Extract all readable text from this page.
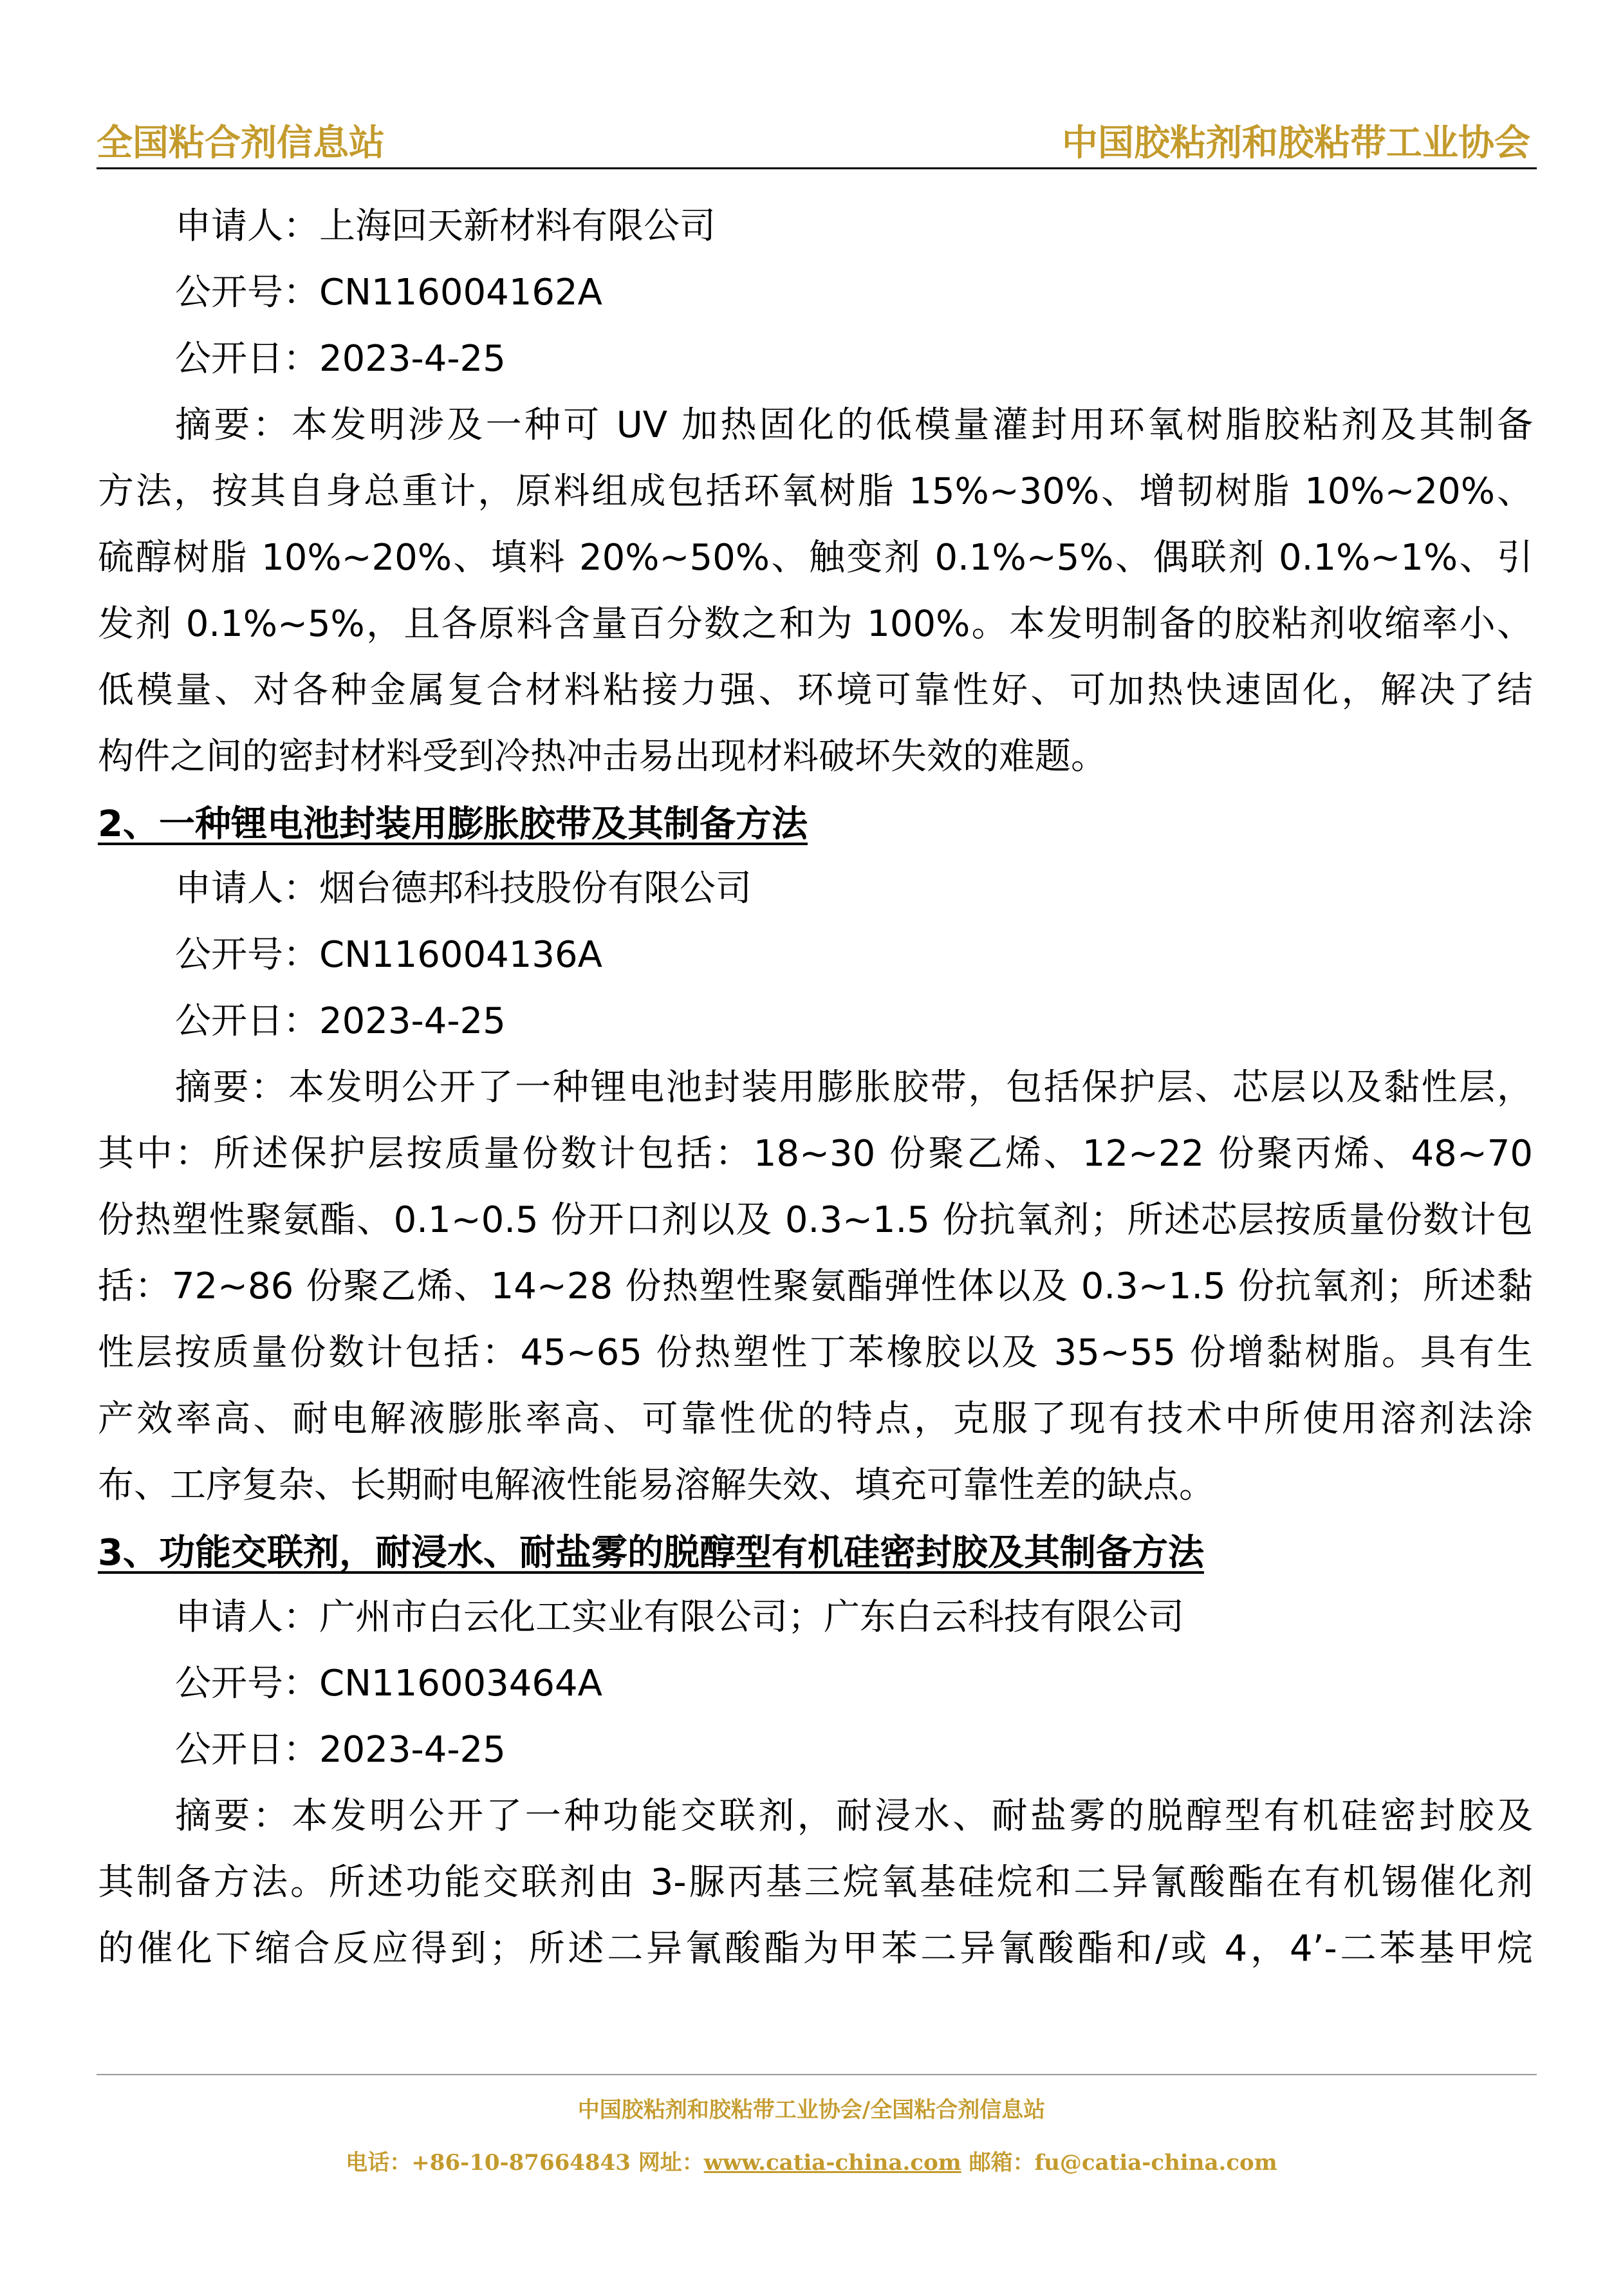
全国粘合剂信息站	中国胶粘剂和胶粘带工业协会
申请人：上海回天新材料有限公司
公开号：CN116004162A
公开日：2023-4-25
摘要：本发明涉及一种可 UV 加热固化的低模量灌封用环氧树脂胶粘剂及其制备
方法，按其自身总重计，原料组成包括环氧树脂 15%~30%、增韧树脂 10%~20%、
硫醇树脂 10%~20%、填料 20%~50%、触变剂 0.1%~5%、偶联剂 0.1%~1%、引
发剂 0.1%~5%，且各原料含量百分数之和为 100%。本发明制备的胶粘剂收缩率小、
低模量、对各种金属复合材料粘接力强、环境可靠性好、可加热快速固化，解决了结
构件之间的密封材料受到冷热冲击易出现材料破坏失效的难题。
2、一种锂电池封装用膨胀胶带及其制备方法
申请人：烟台德邦科技股份有限公司
公开号：CN116004136A
公开日：2023-4-25
摘要：本发明公开了一种锂电池封装用膨胀胶带，包括保护层、芯层以及黏性层，
其中：所述保护层按质量份数计包括：18~30 份聚乙烯、12~22 份聚丙烯、48~70
份热塑性聚氨酯、0.1~0.5 份开口剂以及 0.3~1.5 份抗氧剂；所述芯层按质量份数计包
括：72~86 份聚乙烯、14~28 份热塑性聚氨酯弹性体以及 0.3~1.5 份抗氧剂；所述黏
性层按质量份数计包括：45~65 份热塑性丁苯橡胶以及 35~55 份增黏树脂。具有生
产效率高、耐电解液膨胀率高、可靠性优的特点，克服了现有技术中所使用溶剂法涂
布、工序复杂、长期耐电解液性能易溶解失效、填充可靠性差的缺点。
3、功能交联剂，耐浸水、耐盐雾的脱醇型有机硅密封胶及其制备方法
申请人：广州市白云化工实业有限公司；广东白云科技有限公司
公开号：CN116003464A
公开日：2023-4-25
摘要：本发明公开了一种功能交联剂，耐浸水、耐盐雾的脱醇型有机硅密封胶及
其制备方法。所述功能交联剂由 3-脲丙基三烷氧基硅烷和二异氰酸酯在有机锡催化剂
的催化下缩合反应得到；所述二异氰酸酯为甲苯二异氰酸酯和/或 4，4’-二苯基甲烷
中国胶粘剂和胶粘带工业协会/全国粘合剂信息站
电话：+86-10-87664843 网址：www.catia-china.com 邮箱：fu@catia-china.com
